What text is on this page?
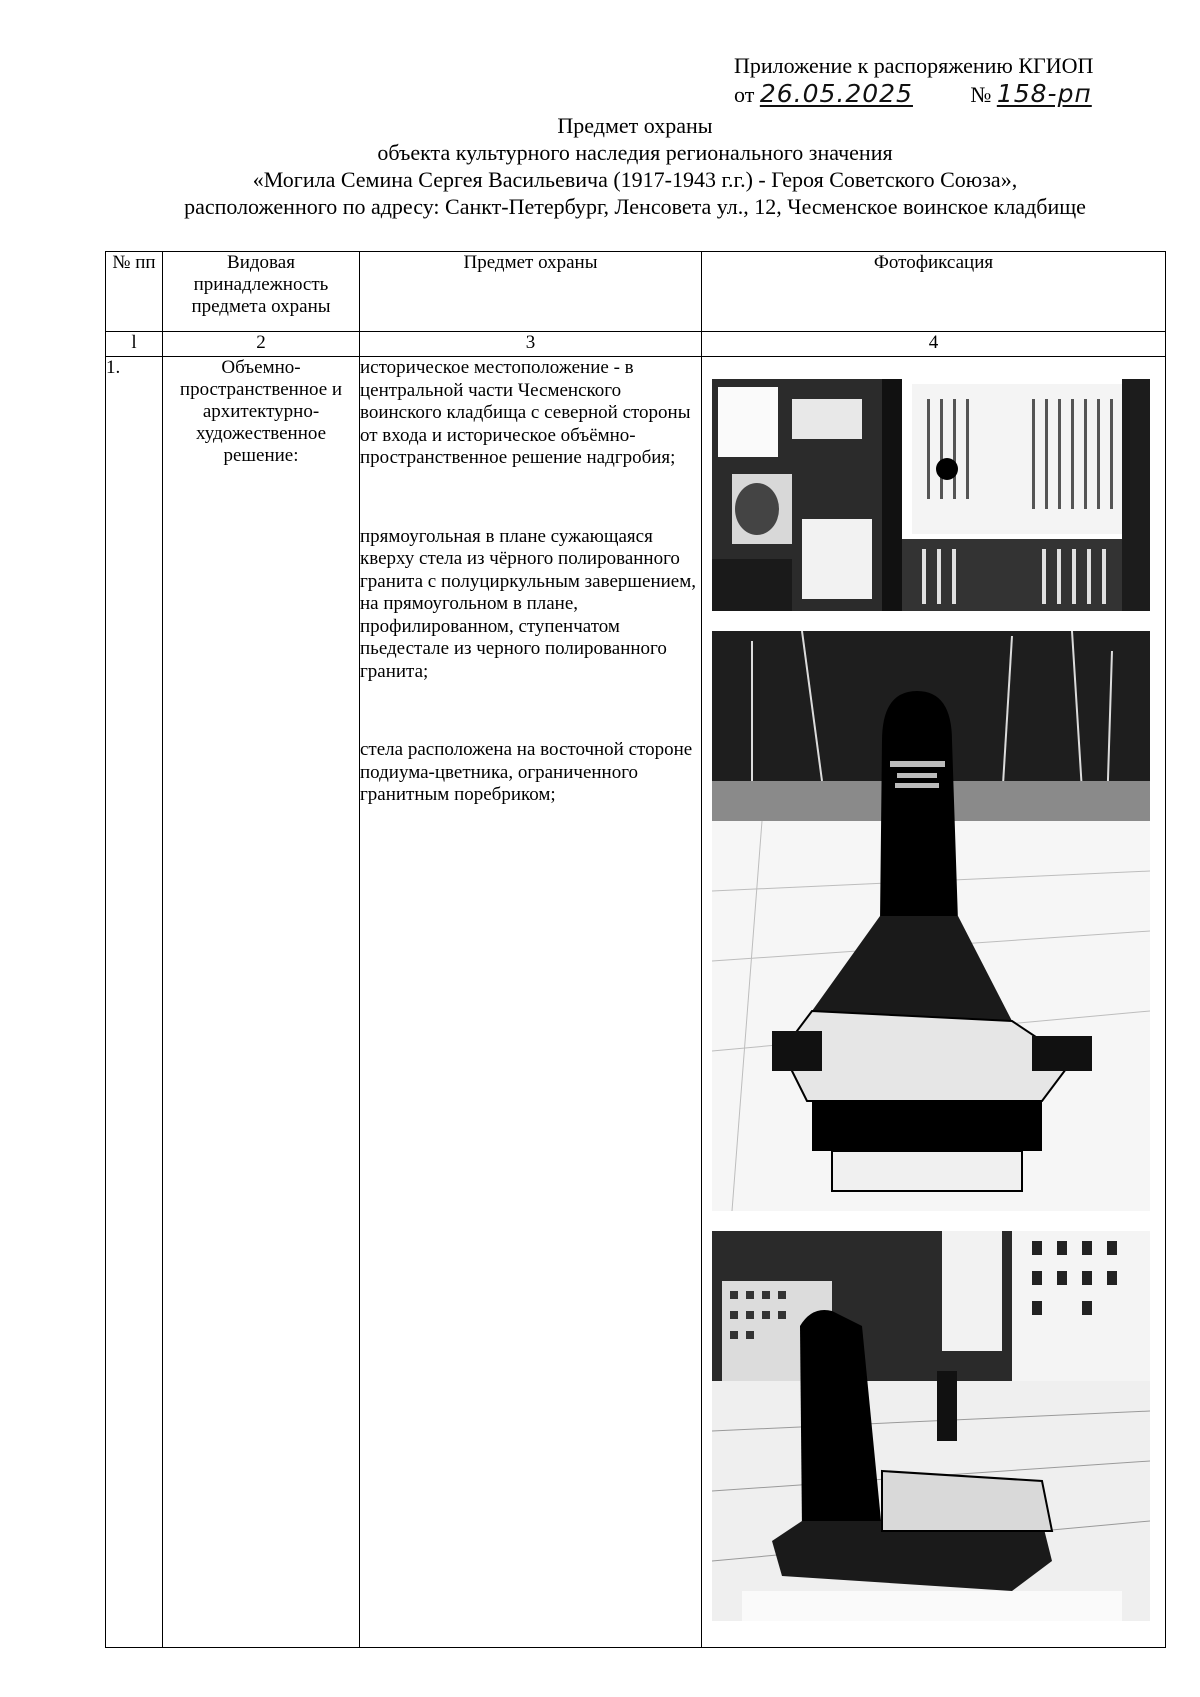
Приложение к распоряжению КГИОП
от 26.05.2025	№ 158-рп
Предмет охраны
объекта культурного наследия регионального значения
«Могила Семина Сергея Васильевича (1917-1943 г.г.) - Героя Советского Союза»,
расположенного по адресу: Санкт-Петербург, Ленсовета ул., 12, Чесменское воинское кладбище
№ пп	Видовая принадлежность предмета охраны	Предмет охраны	Фотофиксация
l	2	3	4
1.	Объемно-пространственное и архитектурно-художественное решение:	историческое местоположение - в центральной части Чесменского воинского кладбища с северной стороны от входа и историческое объёмно-пространственное решение надгробия;

прямоугольная в плане сужающаяся кверху стела из чёрного полированного гранита с полуциркульным завершением, на прямоугольном в плане, профилированном, ступенчатом пьедестале из черного полированного гранита;

стела расположена на восточной стороне подиума-цветника, ограниченного гранитным поребриком;
